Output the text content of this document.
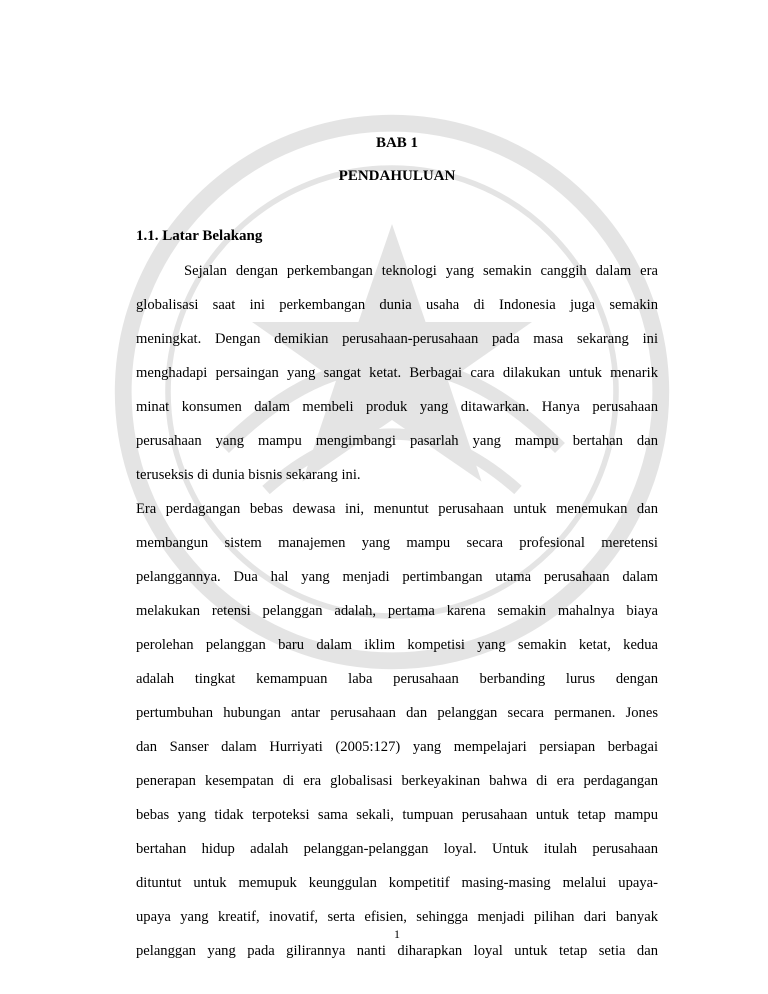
BAB 1
PENDAHULUAN
1.1. Latar Belakang
Sejalan dengan perkembangan teknologi yang semakin canggih dalam era
globalisasi saat ini perkembangan dunia usaha di Indonesia juga semakin
meningkat. Dengan demikian perusahaan-perusahaan pada masa sekarang ini
menghadapi persaingan yang sangat ketat. Berbagai cara dilakukan untuk menarik
minat konsumen dalam membeli produk yang ditawarkan. Hanya perusahaan
perusahaan yang mampu mengimbangi pasarlah yang mampu bertahan dan
teruseksis di dunia bisnis sekarang ini.
Era perdagangan bebas dewasa ini, menuntut perusahaan untuk menemukan dan
membangun sistem manajemen yang mampu secara profesional meretensi
pelanggannya. Dua hal yang menjadi pertimbangan utama perusahaan dalam
melakukan retensi pelanggan adalah, pertama karena semakin mahalnya biaya
perolehan pelanggan baru dalam iklim kompetisi yang semakin ketat, kedua
adalah tingkat kemampuan laba perusahaan berbanding lurus dengan
pertumbuhan hubungan antar perusahaan dan pelanggan secara permanen. Jones
dan Sanser dalam Hurriyati (2005:127) yang mempelajari persiapan berbagai
penerapan kesempatan di era globalisasi berkeyakinan bahwa di era perdagangan
bebas yang tidak terpoteksi sama sekali, tumpuan perusahaan untuk tetap mampu
bertahan hidup adalah pelanggan-pelanggan loyal. Untuk itulah perusahaan
dituntut untuk memupuk keunggulan kompetitif masing-masing melalui upaya-
upaya yang kreatif, inovatif, serta efisien, sehingga menjadi pilihan dari banyak
pelanggan yang pada gilirannya nanti diharapkan loyal untuk tetap setia dan
1
